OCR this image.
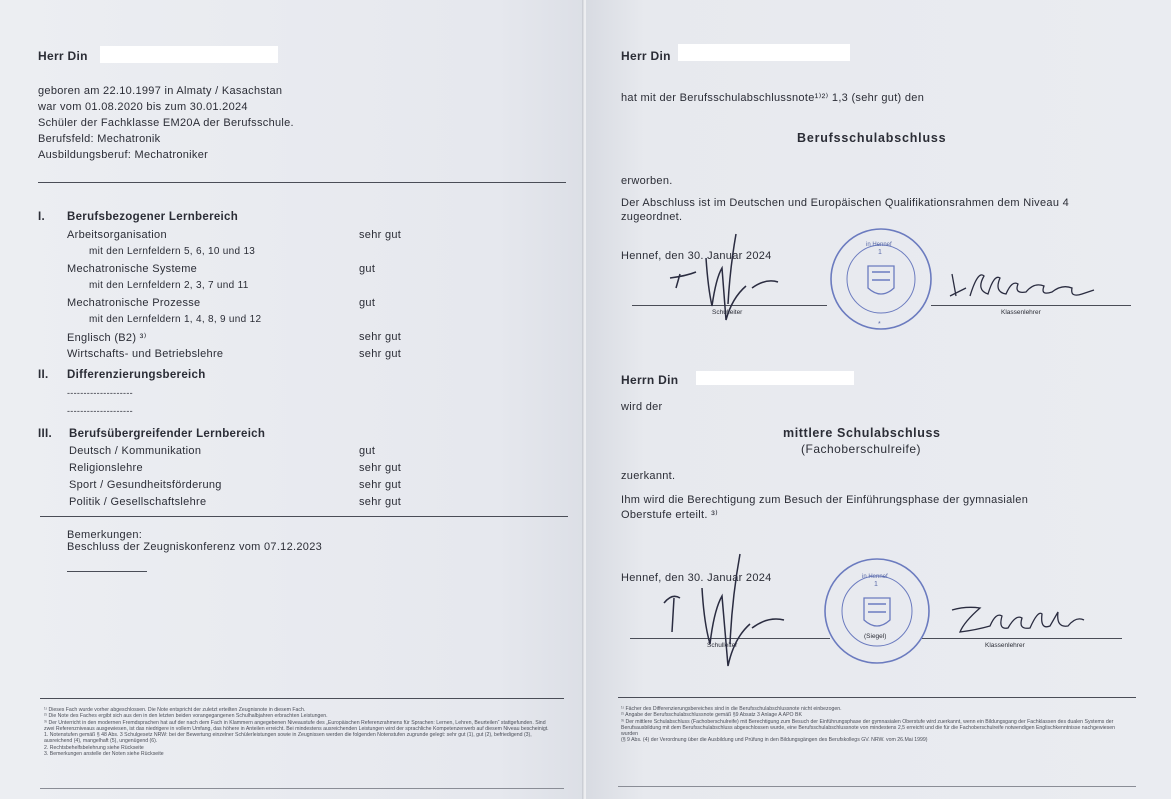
Herr Din
geboren am 22.10.1997 in Almaty / Kasachstan
war vom 01.08.2020 bis zum 30.01.2024
Schüler der Fachklasse EM20A der Berufsschule.
Berufsfeld: Mechatronik
Ausbildungsberuf: Mechatroniker
I. Berufsbezogener Lernbereich
Arbeitsorganisation	sehr gut
mit den Lernfeldern 5, 6, 10 und 13
Mechatronische Systeme	gut
mit den Lernfeldern 2, 3, 7 und 11
Mechatronische Prozesse	gut
mit den Lernfeldern 1, 4, 8, 9 und 12
Englisch (B2) ³⁾	sehr gut
Wirtschafts- und Betriebslehre	sehr gut
II. Differenzierungsbereich
--------------------
--------------------
III. Berufsübergreifender Lernbereich
Deutsch / Kommunikation	gut
Religionslehre	sehr gut
Sport / Gesundheitsförderung	sehr gut
Politik / Gesellschaftslehre	sehr gut
Bemerkungen:
Beschluss der Zeugniskonferenz vom 07.12.2023
¹⁾ Dieses Fach wurde vorher abgeschlossen. Die Note entspricht der zuletzt erteilten Zeugnisnote in diesem Fach.
²⁾ Die Note des Faches ergibt sich aus den in den letzten beiden vorangegangenen Schulhalbjahren erbrachten Leistungen.
³⁾ Der Unterricht in den modernen Fremdsprachen hat auf der nach dem Fach in Klammern angegebenen Niveaustufe des „Europäischen Referenzrahmens für Sprachen: Lernen, Lehren, Beurteilen“ stattgefunden. Sind zwei Referenzniveaus ausgewiesen, ist das niedrigere in vollem Umfang, das höhere in Anteilen erreicht. Bei mindestens ausreichenden Leistungen wird der sprachliche Kompetenzerwerb auf diesem Niveau bescheinigt.
1. Notenstufen gemäß § 48 Abs. 3 Schulgesetz NRW: bei der Bewertung einzelner Schülerleistungen sowie in Zeugnissen werden die folgenden Notenstufen zugrunde gelegt: sehr gut (1), gut (2), befriedigend (3), ausreichend (4), mangelhaft (5), ungenügend (6).
2. Rechtsbehelfsbelehrung siehe Rückseite
3. Bemerkungen anstelle der Noten siehe Rückseite
Herr Din
hat mit der Berufsschulabschlussnote¹⁾²⁾ 1,3 (sehr gut) den
Berufsschulabschluss
erworben.
Der Abschluss ist im Deutschen und Europäischen Qualifikationsrahmen dem Niveau 4
zugeordnet.
Hennef, den 30. Januar 2024
Schulleiter	Klassenlehrer
1
in Hennef
*
Herrn Din
wird der
mittlere Schulabschluss
(Fachoberschulreife)
zuerkannt.
Ihm wird die Berechtigung zum Besuch der Einführungsphase der gymnasialen
Oberstufe erteilt. ³⁾
Hennef, den 30. Januar 2024
Schulleiter	Klassenlehrer
1
in Hennef
(Siegel)
¹⁾ Fächer des Differenzierungsbereiches sind in die Berufsschulabschlussnote nicht einbezogen.
²⁾ Angabe der Berufsschulabschlussnote gemäß §9 Absatz 3 Anlage A APO BK
³⁾ Der mittlere Schulabschluss (Fachoberschulreife) mit Berechtigung zum Besuch der Einführungsphase der gymnasialen Oberstufe wird zuerkannt, wenn ein Bildungsgang der Fachklassen des dualen Systems der Berufsausbildung mit dem Berufsschulabschluss abgeschlossen wurde, eine Berufsschulabschlussnote von mindestens 2,5 erreicht und die für die Fachoberschulreife notwendigen Englischkenntnisse nachgewiesen wurden
(§ 9 Abs. (4) der Verordnung über die Ausbildung und Prüfung in den Bildungsgängen des Berufskollegs GV. NRW. vom 26.Mai 1999)
